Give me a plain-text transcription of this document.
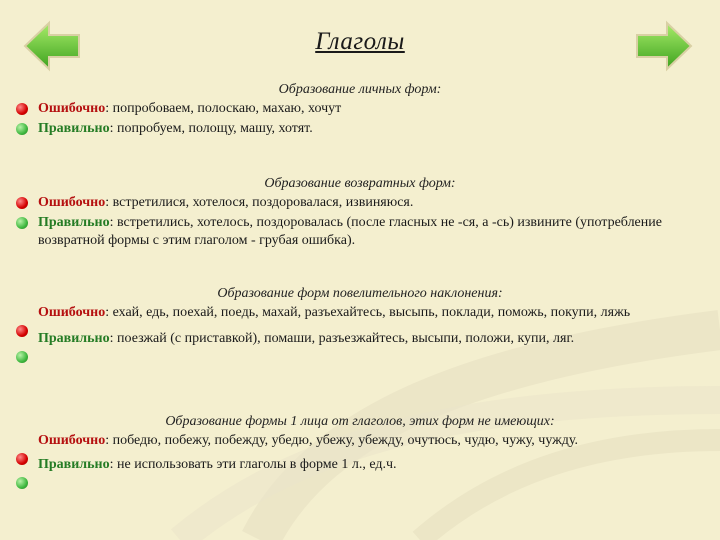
Глаголы

Образование личных форм:

Ошибочно: попробоваем, полоскаю, махаю, хочут
Правильно: попробуем, полощу, машу, хотят.

Образование возвратных форм:

Ошибочно: встретилися, хотелося, поздоровалася, извиняюся.
Правильно: встретились, хотелось, поздоровалась (после гласных не -ся, а -сь) извините (употребление возвратной формы с этим глаголом - грубая ошибка).

Образование форм повелительного наклонения:

Ошибочно: ехай, едь, поехай, поедь, махай, разъехайтесь, высыпь, поклади, поможь, покупи, ляжь
Правильно: поезжай (с приставкой), помаши, разъезжайтесь, высыпи, положи, купи, ляг.

Образование формы 1 лица от глаголов, этих форм не имеющих:

Ошибочно: победю, побежу, побежду, убедю, убежу, убежду, очутюсь, чудю, чужу, чужду.
Правильно: не использовать эти глаголы в форме 1 л., ед.ч.
